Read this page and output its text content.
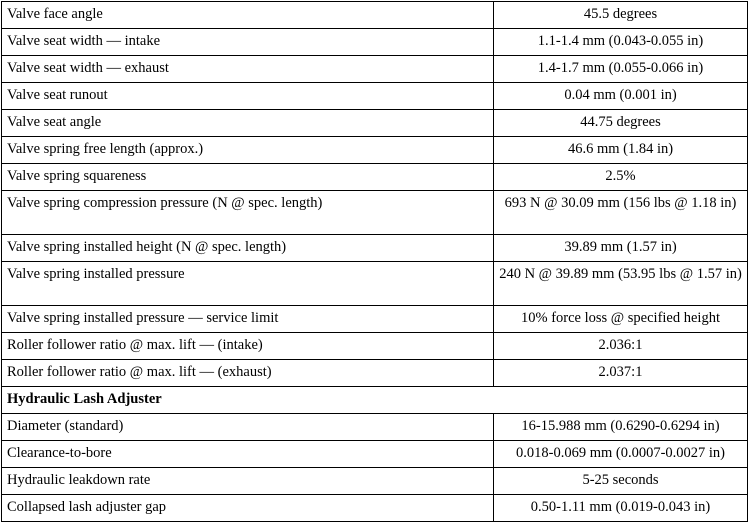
Valve face angle	45.5 degrees
Valve seat width — intake	1.1-1.4 mm (0.043-0.055 in)
Valve seat width — exhaust	1.4-1.7 mm (0.055-0.066 in)
Valve seat runout	0.04 mm (0.001 in)
Valve seat angle	44.75 degrees
Valve spring free length (approx.)	46.6 mm (1.84 in)
Valve spring squareness	2.5%
Valve spring compression pressure (N @ spec. length)	693 N @ 30.09 mm (156 lbs @ 1.18 in)
Valve spring installed height (N @ spec. length)	39.89 mm (1.57 in)
Valve spring installed pressure	240 N @ 39.89 mm (53.95 lbs @ 1.57 in)
Valve spring installed pressure — service limit	10% force loss @ specified height
Roller follower ratio @ max. lift — (intake)	2.036:1
Roller follower ratio @ max. lift — (exhaust)	2.037:1
Hydraulic Lash Adjuster	
Diameter (standard)	16-15.988 mm (0.6290-0.6294 in)
Clearance-to-bore	0.018-0.069 mm (0.0007-0.0027 in)
Hydraulic leakdown rate	5-25 seconds
Collapsed lash adjuster gap	0.50-1.11 mm (0.019-0.043 in)
